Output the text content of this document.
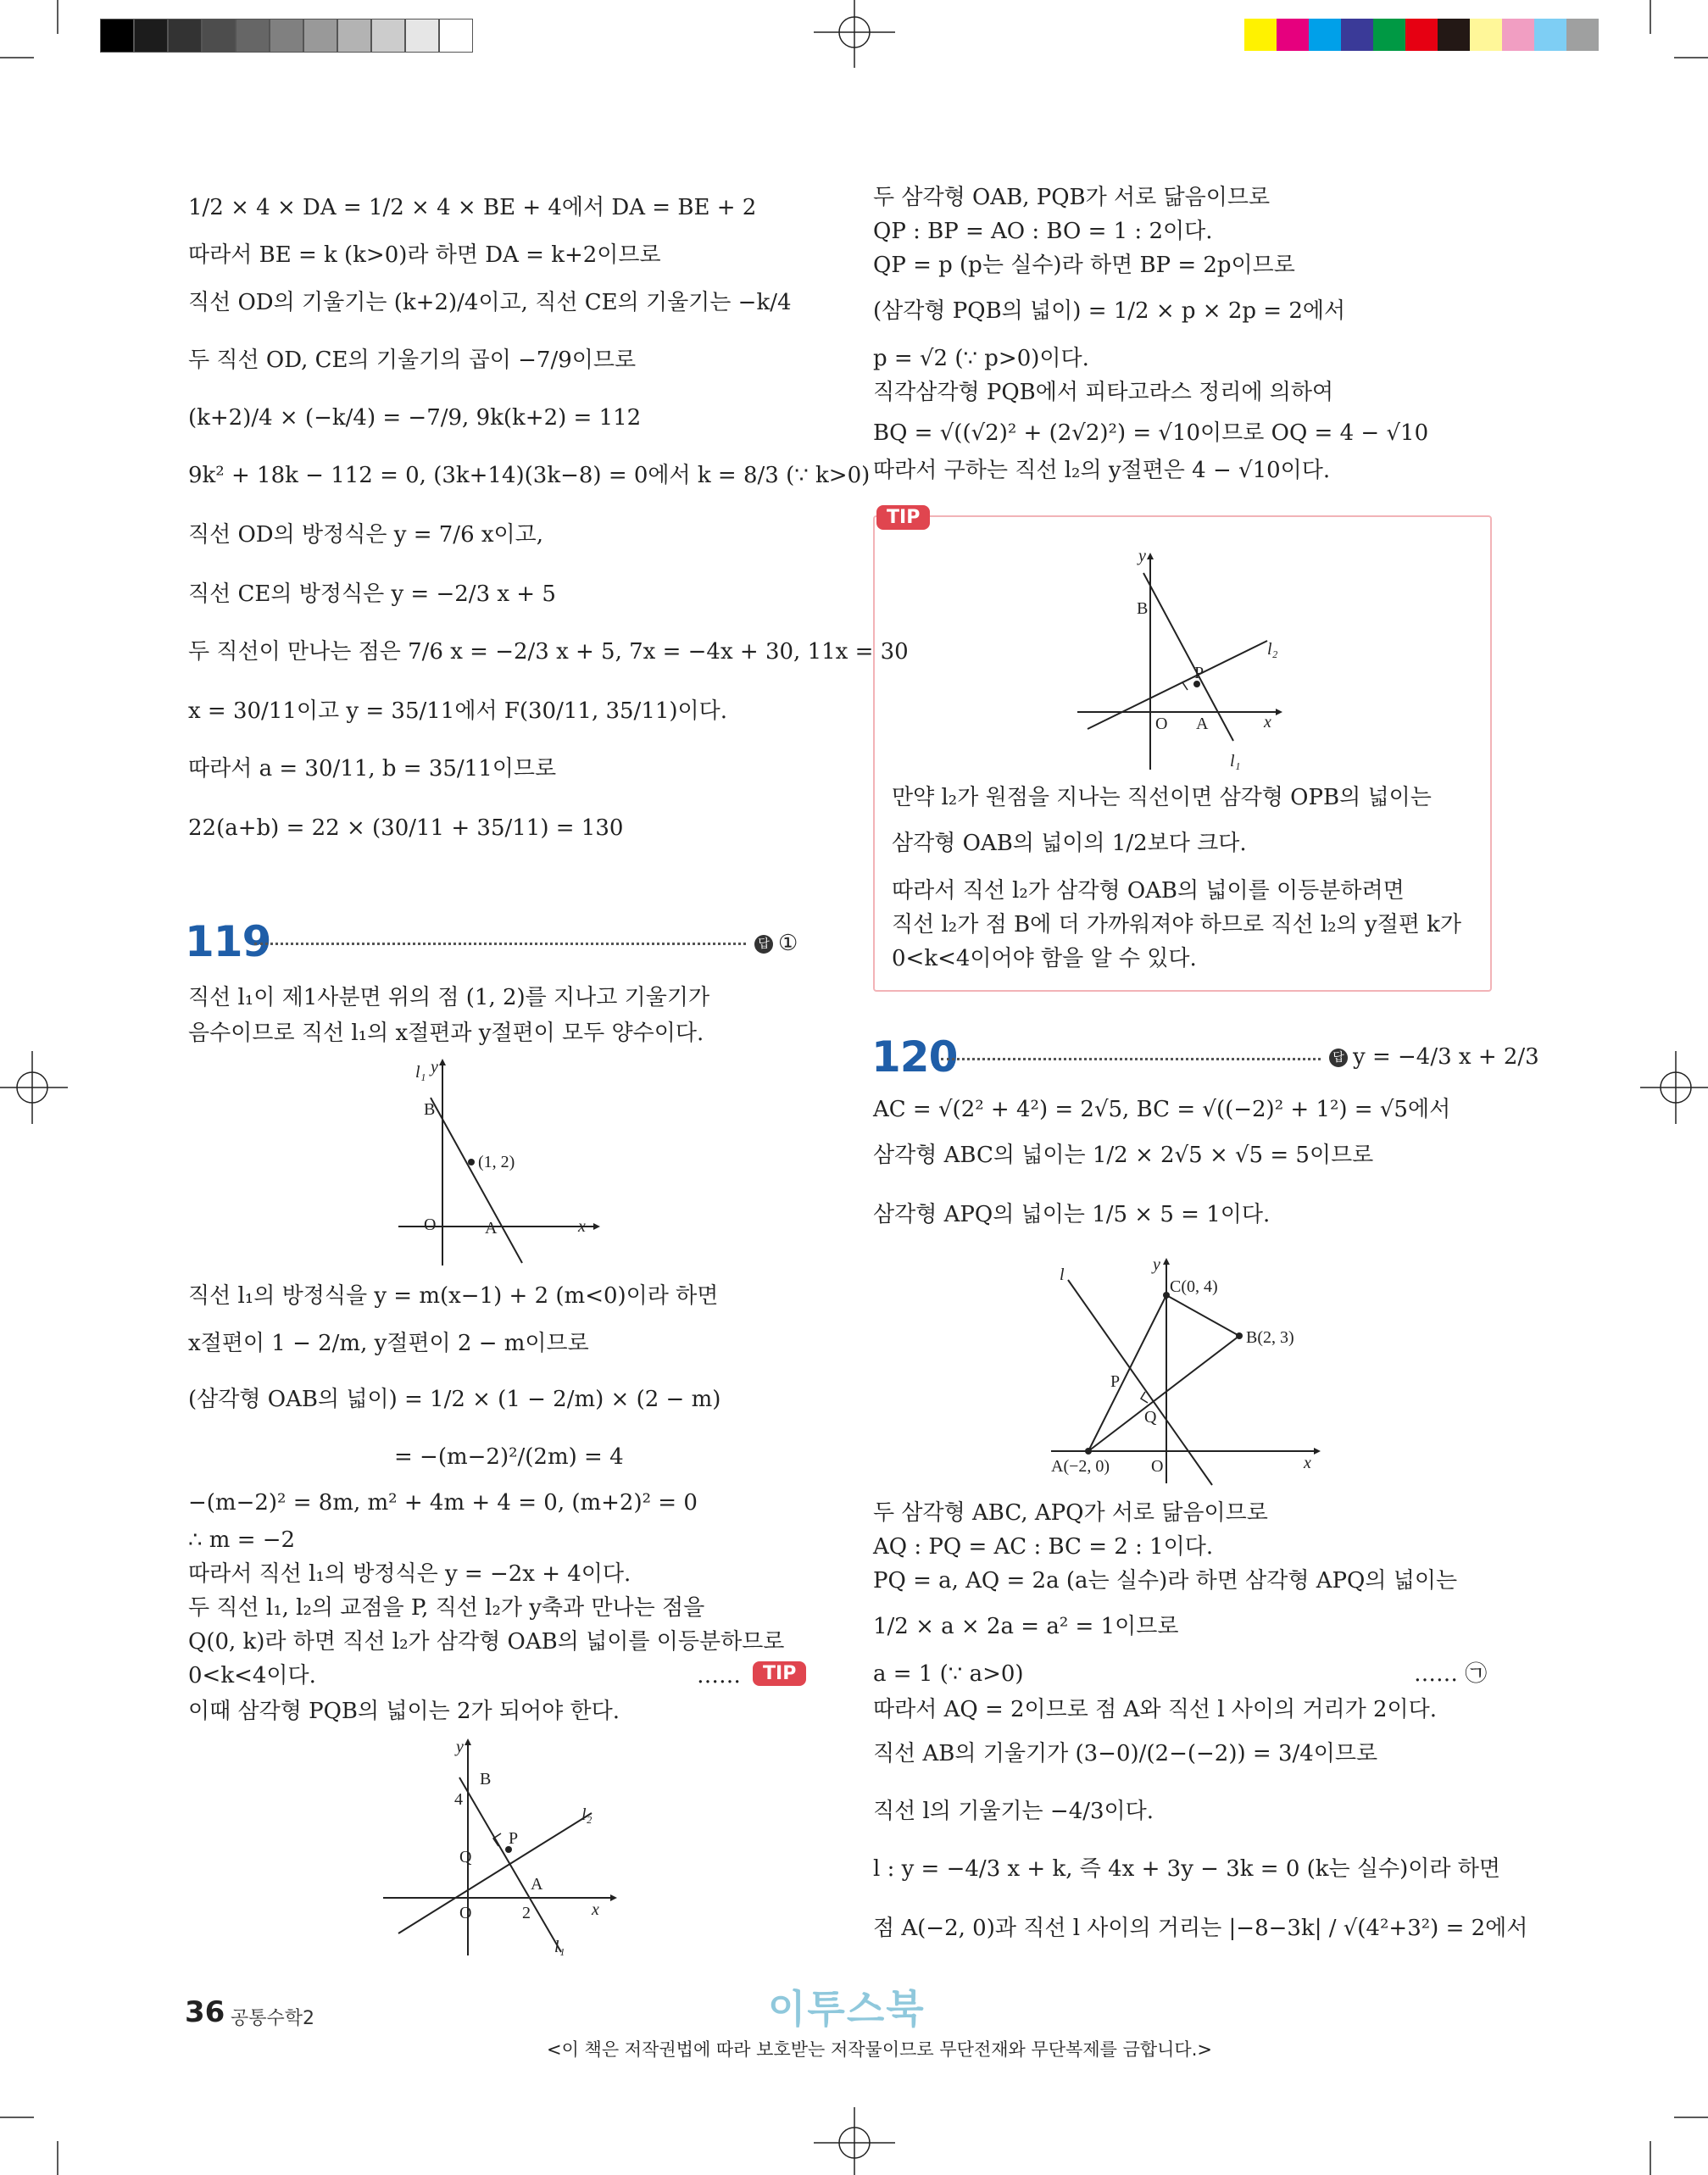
1/2 × 4 × DA = 1/2 × 4 × BE + 4에서 DA = BE + 2
따라서 BE = k (k>0)라 하면 DA = k+2이므로
직선 OD의 기울기는 (k+2)/4이고, 직선 CE의 기울기는 −k/4
두 직선 OD, CE의 기울기의 곱이 −7/9이므로
(k+2)/4 × (−k/4) = −7/9, 9k(k+2) = 112
9k² + 18k − 112 = 0, (3k+14)(3k−8) = 0에서 k = 8/3 (∵ k>0)
직선 OD의 방정식은 y = 7/6 x이고,
직선 CE의 방정식은 y = −2/3 x + 5
두 직선이 만나는 점은 7/6 x = −2/3 x + 5, 7x = −4x + 30, 11x = 30
x = 30/11이고 y = 35/11에서 F(30/11, 35/11)이다.
따라서 a = 30/11, b = 35/11이므로
22(a+b) = 22 × (30/11 + 35/11) = 130
119	답 ①
직선 l₁이 제1사분면 위의 점 (1, 2)를 지나고 기울기가
음수이므로 직선 l₁의 x절편과 y절편이 모두 양수이다.
l₁ y
B
(1, 2)
O	A	x
직선 l₁의 방정식을 y = m(x−1) + 2 (m<0)이라 하면
x절편이 1 − 2/m, y절편이 2 − m이므로
(삼각형 OAB의 넓이) = 1/2 × (1 − 2/m) × (2 − m)
= −(m−2)²/(2m) = 4
−(m−2)² = 8m, m² + 4m + 4 = 0, (m+2)² = 0
∴ m = −2
따라서 직선 l₁의 방정식은 y = −2x + 4이다.
두 직선 l₁, l₂의 교점을 P, 직선 l₂가 y축과 만나는 점을
Q(0, k)라 하면 직선 l₂가 삼각형 OAB의 넓이를 이등분하므로
0<k<4이다.	……	TIP
이때 삼각형 PQB의 넓이는 2가 되어야 한다.
y
B
4
P
Q
l₂
A
O	2	x
l₁
두 삼각형 OAB, PQB가 서로 닮음이므로
QP : BP = AO : BO = 1 : 2이다.
QP = p (p는 실수)라 하면 BP = 2p이므로
(삼각형 PQB의 넓이) = 1/2 × p × 2p = 2에서
p = √2 (∵ p>0)이다.
직각삼각형 PQB에서 피타고라스 정리에 의하여
BQ = √((√2)² + (2√2)²) = √10이므로 OQ = 4 − √10
따라서 구하는 직선 l₂의 y절편은 4 − √10이다.
TIP
y
B
P
l₂
O A	x
l₁
만약 l₂가 원점을 지나는 직선이면 삼각형 OPB의 넓이는
삼각형 OAB의 넓이의 1/2보다 크다.
따라서 직선 l₂가 삼각형 OAB의 넓이를 이등분하려면
직선 l₂가 점 B에 더 가까워져야 하므로 직선 l₂의 y절편 k가
0<k<4이어야 함을 알 수 있다.
120	답 y = −4/3 x + 2/3
AC = √(2² + 4²) = 2√5, BC = √((−2)² + 1²) = √5에서
삼각형 ABC의 넓이는 1/2 × 2√5 × √5 = 5이므로
삼각형 APQ의 넓이는 1/5 × 5 = 1이다.
l
y
C(0, 4)
B(2, 3)
P
Q
A(−2, 0) O	x
두 삼각형 ABC, APQ가 서로 닮음이므로
AQ : PQ = AC : BC = 2 : 1이다.
PQ = a, AQ = 2a (a는 실수)라 하면 삼각형 APQ의 넓이는
1/2 × a × 2a = a² = 1이므로
a = 1 (∵ a>0)	…… ㉠
따라서 AQ = 2이므로 점 A와 직선 l 사이의 거리가 2이다.
직선 AB의 기울기가 (3−0)/(2−(−2)) = 3/4이므로
직선 l의 기울기는 −4/3이다.
l : y = −4/3 x + k, 즉 4x + 3y − 3k = 0 (k는 실수)이라 하면
점 A(−2, 0)과 직선 l 사이의 거리는 |−8−3k| / √(4²+3²) = 2에서
36 공통수학2	이투스북
<이 책은 저작권법에 따라 보호받는 저작물이므로 무단전재와 무단복제를 금합니다.>
